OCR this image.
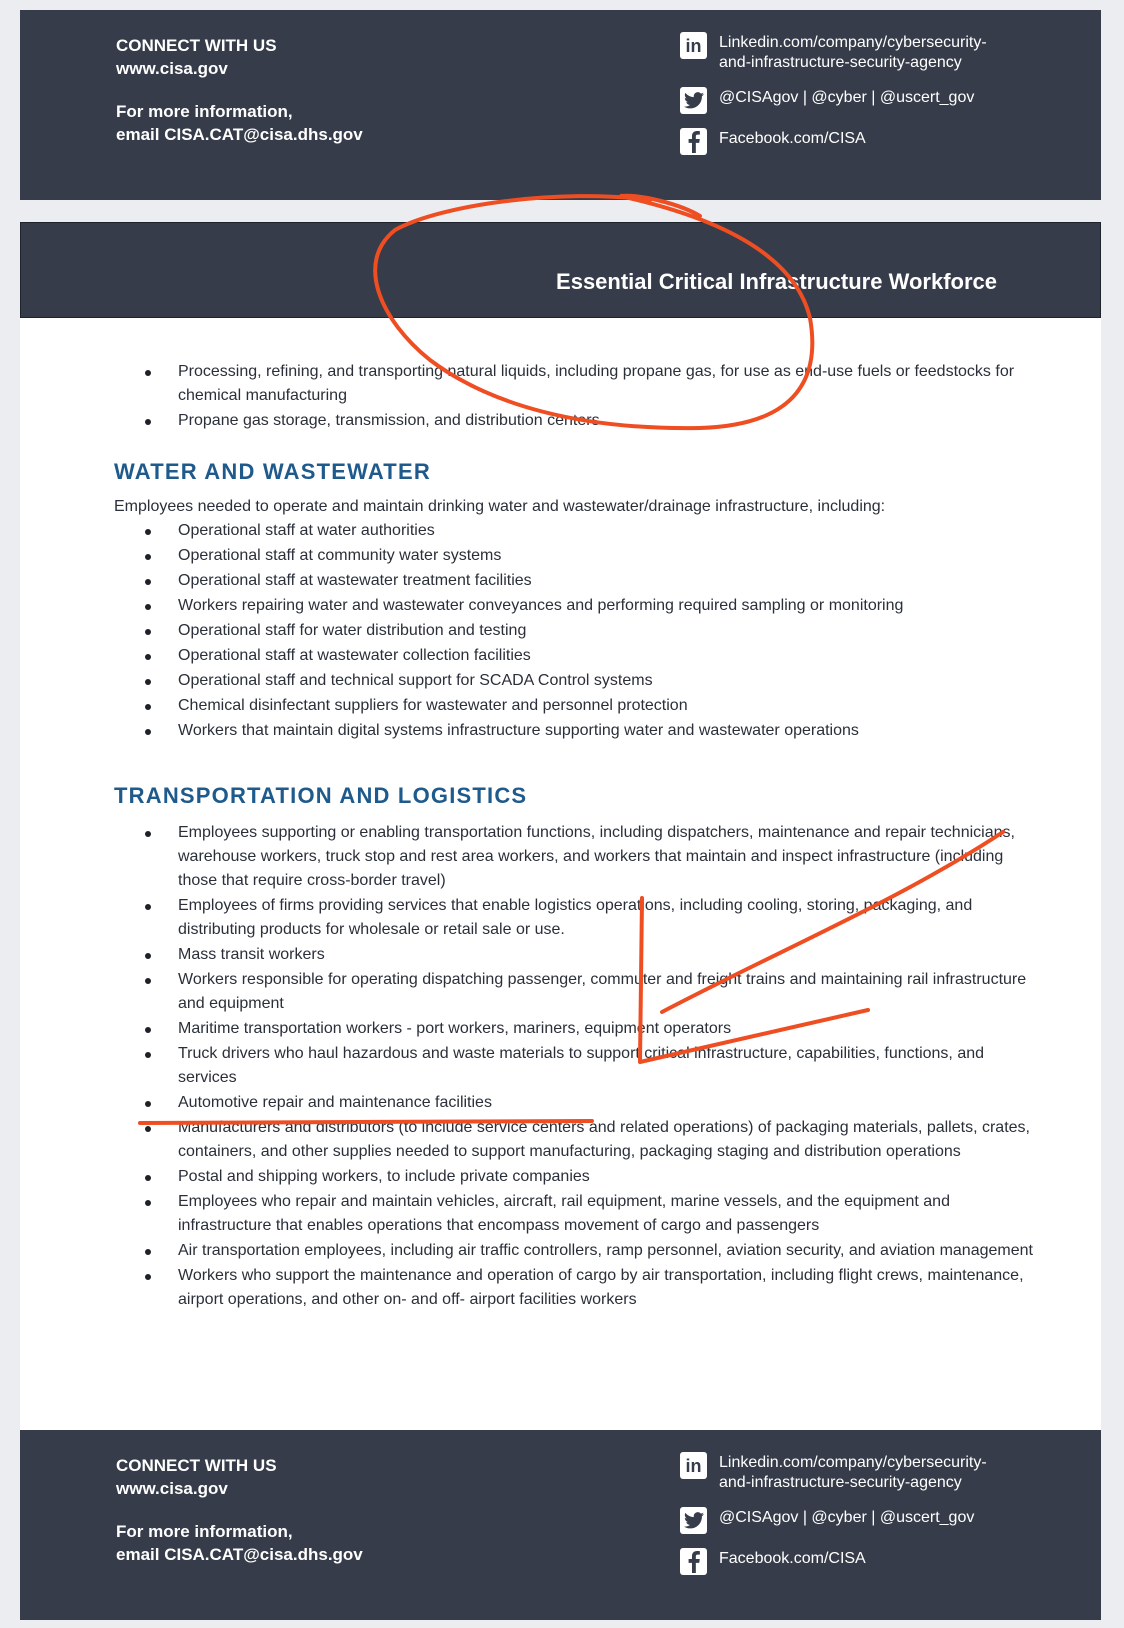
CONNECT WITH US
www.cisa.gov
For more information,
email CISA.CAT@cisa.dhs.gov
in Linkedin.com/company/cybersecurity-
and-infrastructure-security-agency
@CISAgov | @cyber | @uscert_gov
Facebook.com/CISA
Essential Critical Infrastructure Workforce
Processing, refining, and transporting natural liquids, including propane gas, for use as end-use fuels or feedstocks for chemical manufacturing
Propane gas storage, transmission, and distribution centers
WATER AND WASTEWATER

Employees needed to operate and maintain drinking water and wastewater/drainage infrastructure, including:

Operational staff at water authorities
Operational staff at community water systems
Operational staff at wastewater treatment facilities
Workers repairing water and wastewater conveyances and performing required sampling or monitoring
Operational staff for water distribution and testing
Operational staff at wastewater collection facilities
Operational staff and technical support for SCADA Control systems
Chemical disinfectant suppliers for wastewater and personnel protection
Workers that maintain digital systems infrastructure supporting water and wastewater operations
TRANSPORTATION AND LOGISTICS
Employees supporting or enabling transportation functions, including dispatchers, maintenance and repair technicians, warehouse workers, truck stop and rest area workers, and workers that maintain and inspect infrastructure (including those that require cross-border travel)
Employees of firms providing services that enable logistics operations, including cooling, storing, packaging, and distributing products for wholesale or retail sale or use.
Mass transit workers
Workers responsible for operating dispatching passenger, commuter and freight trains and maintaining rail infrastructure and equipment
Maritime transportation workers - port workers, mariners, equipment operators
Truck drivers who haul hazardous and waste materials to support critical infrastructure, capabilities, functions, and services
Automotive repair and maintenance facilities
Manufacturers and distributors (to include service centers and related operations) of packaging materials, pallets, crates, containers, and other supplies needed to support manufacturing, packaging staging and distribution operations
Postal and shipping workers, to include private companies
Employees who repair and maintain vehicles, aircraft, rail equipment, marine vessels, and the equipment and infrastructure that enables operations that encompass movement of cargo and passengers
Air transportation employees, including air traffic controllers, ramp personnel, aviation security, and aviation management
Workers who support the maintenance and operation of cargo by air transportation, including flight crews, maintenance, airport operations, and other on- and off- airport facilities workers
CONNECT WITH US
www.cisa.gov
For more information,
email CISA.CAT@cisa.dhs.gov
in Linkedin.com/company/cybersecurity-
and-infrastructure-security-agency
@CISAgov | @cyber | @uscert_gov
Facebook.com/CISA
